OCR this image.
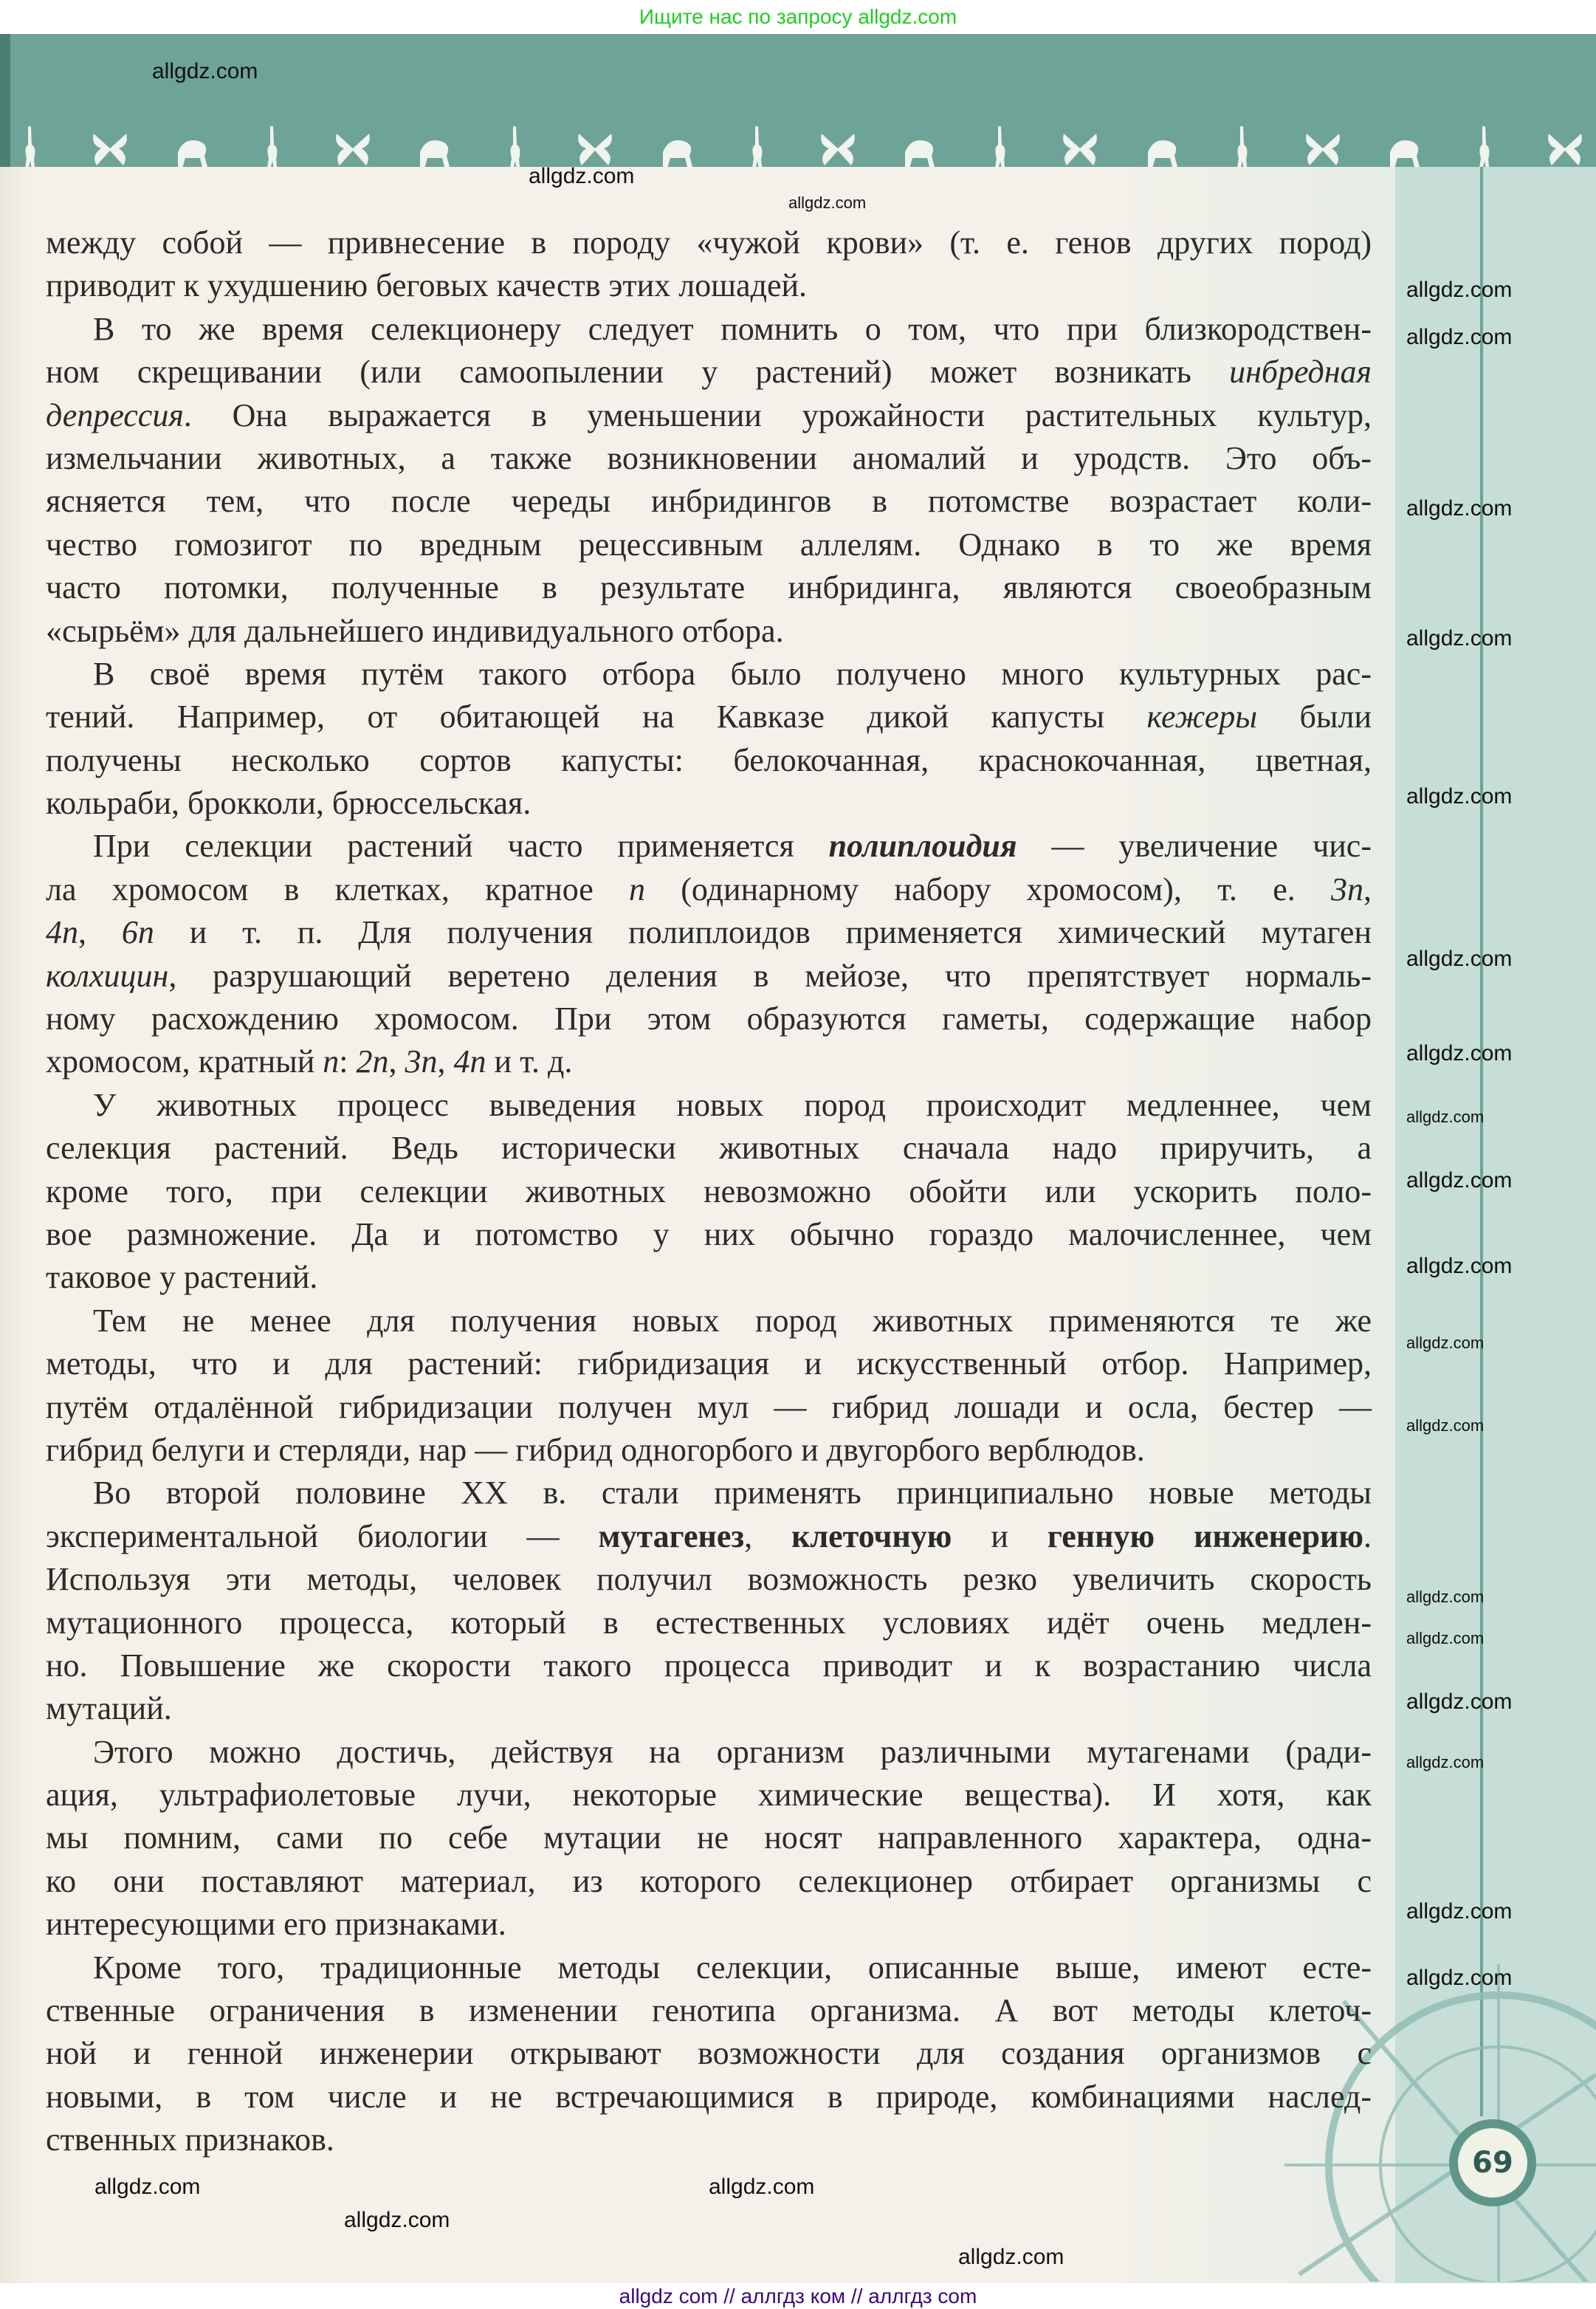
Ищите нас по запросу allgdz.com
69
между собой — привнесение в породу «чужой крови» (т. е. генов других пород)
приводит к ухудшению беговых качеств этих лошадей.
В то же время селекционеру следует помнить о том, что при близкородствен-
ном скрещивании (или самоопылении у растений) может возникать инбредная
депрессия. Она выражается в уменьшении урожайности растительных культур,
измельчании животных, а также возникновении аномалий и уродств. Это объ-
ясняется тем, что после череды инбридингов в потомстве возрастает коли-
чество гомозигот по вредным рецессивным аллелям. Однако в то же время
часто потомки, полученные в результате инбридинга, являются своеобразным
«сырьём» для дальнейшего индивидуального отбора.
В своё время путём такого отбора было получено много культурных рас-
тений. Например, от обитающей на Кавказе дикой капусты кежеры были
получены несколько сортов капусты: белокочанная, краснокочанная, цветная,
кольраби, брокколи, брюссельская.
При селекции растений часто применяется полиплоидия — увеличение чис-
ла хромосом в клетках, кратное n (одинарному набору хромосом), т. е. 3n,
4n, 6n и т. п. Для получения полиплоидов применяется химический мутаген
колхицин, разрушающий веретено деления в мейозе, что препятствует нормаль-
ному расхождению хромосом. При этом образуются гаметы, содержащие набор
хромосом, кратный n: 2n, 3n, 4n и т. д.
У животных процесс выведения новых пород происходит медленнее, чем
селекция растений. Ведь исторически животных сначала надо приручить, а
кроме того, при селекции животных невозможно обойти или ускорить поло-
вое размножение. Да и потомство у них обычно гораздо малочисленнее, чем
таковое у растений.
Тем не менее для получения новых пород животных применяются те же
методы, что и для растений: гибридизация и искусственный отбор. Например,
путём отдалённой гибридизации получен мул — гибрид лошади и осла, бестер —
гибрид белуги и стерляди, нар — гибрид одногорбого и двугорбого верблюдов.
Во второй половине XX в. стали применять принципиально новые методы
экспериментальной биологии — мутагенез, клеточную и генную инженерию.
Используя эти методы, человек получил возможность резко увеличить скорость
мутационного процесса, который в естественных условиях идёт очень медлен-
но. Повышение же скорости такого процесса приводит и к возрастанию числа
мутаций.
Этого можно достичь, действуя на организм различными мутагенами (ради-
ация, ультрафиолетовые лучи, некоторые химические вещества). И хотя, как
мы помним, сами по себе мутации не носят направленного характера, одна-
ко они поставляют материал, из которого селекционер отбирает организмы с
интересующими его признаками.
Кроме того, традиционные методы селекции, описанные выше, имеют есте-
ственные ограничения в изменении генотипа организма. А вот методы клеточ-
ной и генной инженерии открывают возможности для создания организмов с
новыми, в том числе и не встречающимися в природе, комбинациями наслед-
ственных признаков.
allgdz.com
allgdz.com
allgdz.com
allgdz.com
allgdz.com
allgdz.com
allgdz.com
allgdz.com
allgdz.com
allgdz.com
allgdz.com
allgdz.com
allgdz.com
allgdz.com
allgdz.com
allgdz.com
allgdz.com
allgdz.com
allgdz.com
allgdz.com
allgdz.com
allgdz.com
allgdz.com
allgdz.com
allgdz.com
allgdz com // аллгдз ком // аллгдз com
